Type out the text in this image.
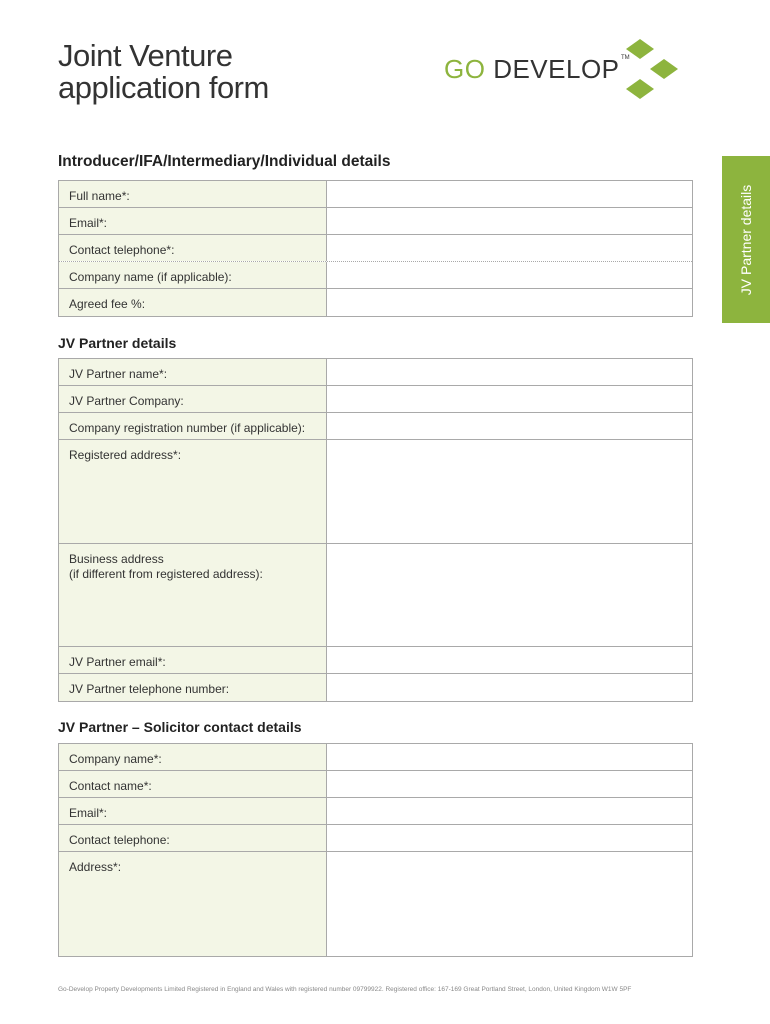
Joint Venture
application form
GO DEVELOP TM
JV Partner details
Introducer/IFA/Intermediary/Individual details
Full name*:
Email*:
Contact telephone*:
Company name (if applicable):
Agreed fee %:
JV Partner details
JV Partner name*:
JV Partner Company:
Company registration number (if applicable):
Registered address*:
Business address
(if different from registered address):
JV Partner email*:
JV Partner telephone number:
JV Partner – Solicitor contact details
Company name*:
Contact name*:
Email*:
Contact telephone:
Address*:
Go-Develop Property Developments Limited Registered in England and Wales with registered number 09799922. Registered office: 167-169 Great Portland Street, London, United Kingdom W1W 5PF
